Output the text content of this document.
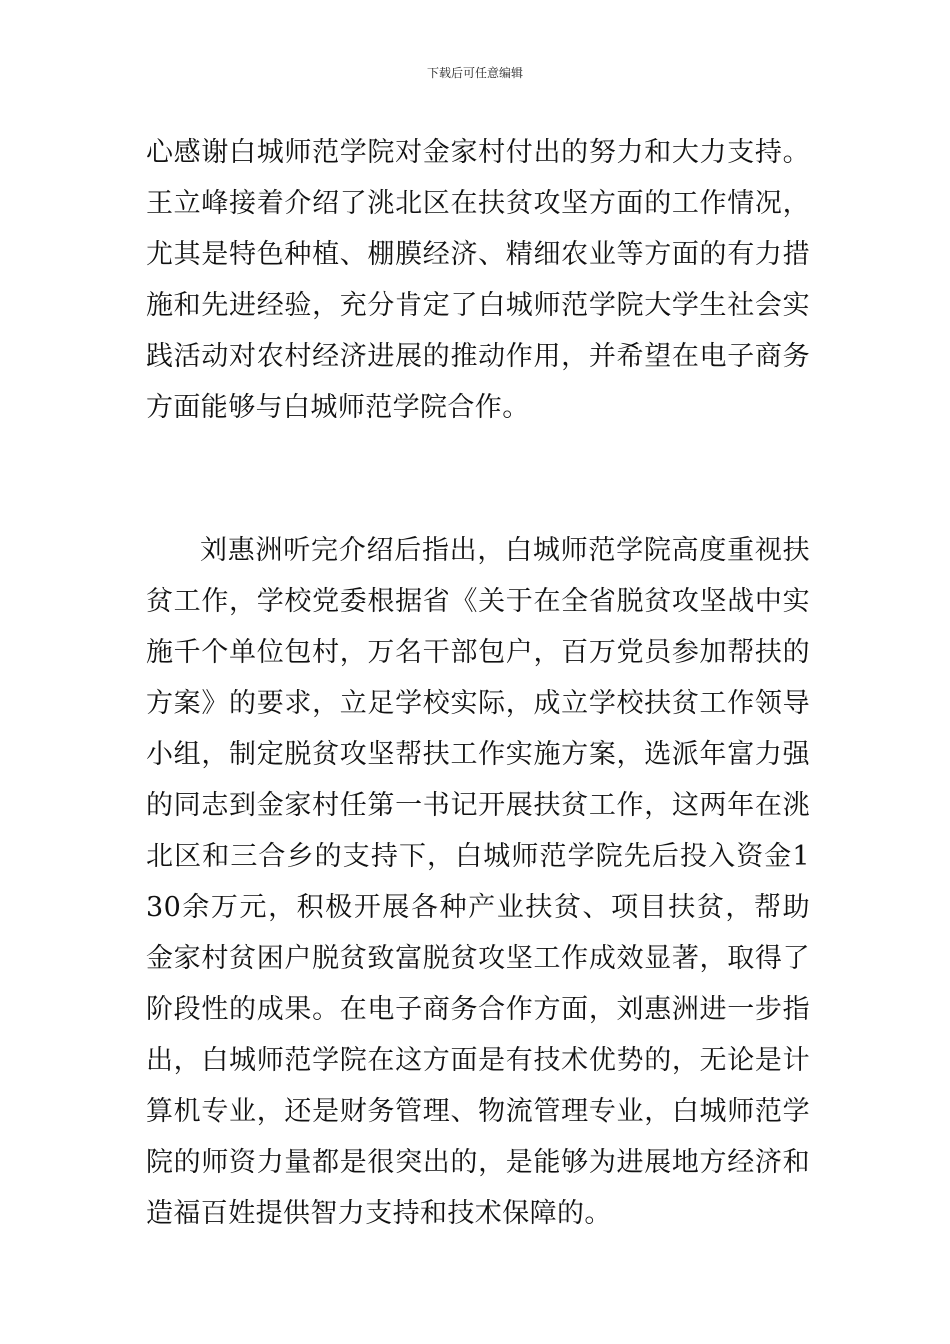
下载后可任意编辑

心感谢白城师范学院对金家村付出的努力和大力支持。王立峰接着介绍了洮北区在扶贫攻坚方面的工作情况，尤其是特色种植、棚膜经济、精细农业等方面的有力措施和先进经验，充分肯定了白城师范学院大学生社会实践活动对农村经济进展的推动作用，并希望在电子商务方面能够与白城师范学院合作。

刘惠洲听完介绍后指出，白城师范学院高度重视扶贫工作，学校党委根据省《关于在全省脱贫攻坚战中实施千个单位包村，万名干部包户，百万党员参加帮扶的方案》的要求，立足学校实际，成立学校扶贫工作领导小组，制定脱贫攻坚帮扶工作实施方案，选派年富力强的同志到金家村任第一书记开展扶贫工作，这两年在洮北区和三合乡的支持下，白城师范学院先后投入资金130余万元，积极开展各种产业扶贫、项目扶贫，帮助金家村贫困户脱贫致富脱贫攻坚工作成效显著，取得了阶段性的成果。在电子商务合作方面，刘惠洲进一步指出，白城师范学院在这方面是有技术优势的，无论是计算机专业，还是财务管理、物流管理专业，白城师范学院的师资力量都是很突出的，是能够为进展地方经济和造福百姓提供智力支持和技术保障的。
